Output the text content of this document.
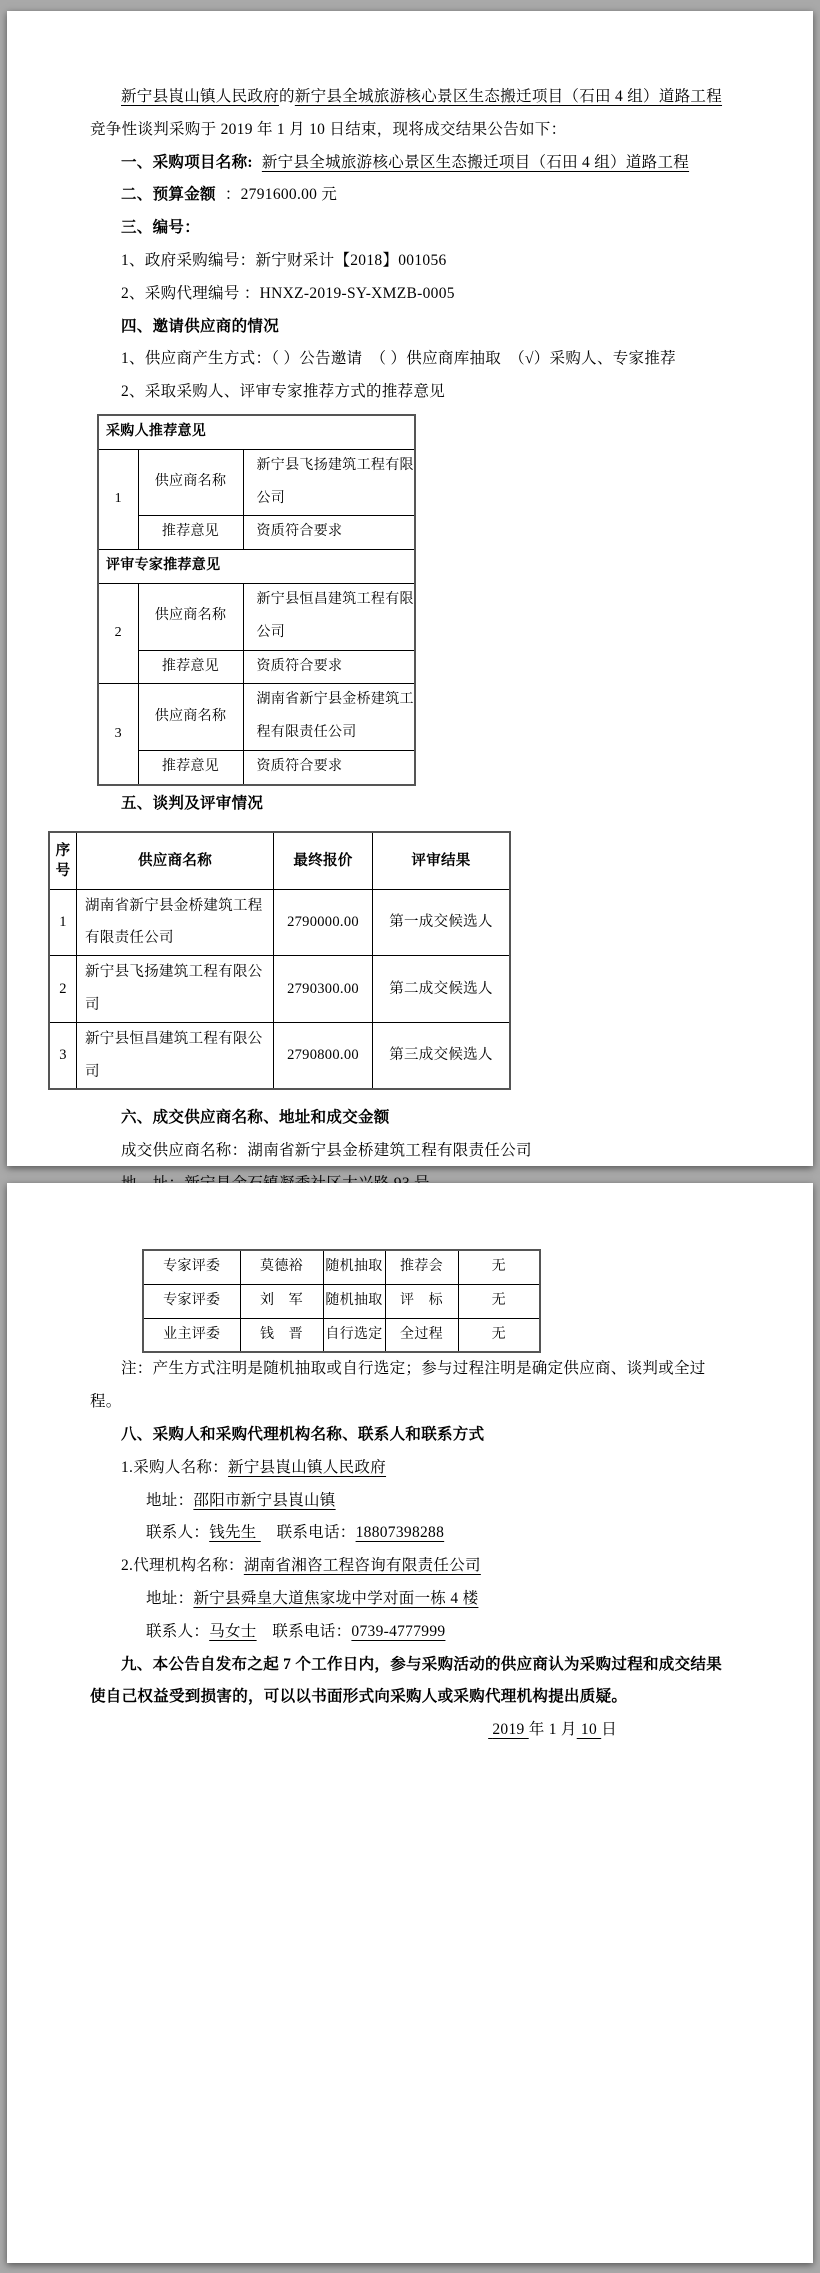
新宁县崀山镇人民政府的新宁县全城旅游核心景区生态搬迁项目（石田 4 组）道路工程竞争性谈判采购于 2019 年 1 月 10 日结束，现将成交结果公告如下：

一、采购项目名称: 新宁县全城旅游核心景区生态搬迁项目（石田 4 组）道路工程

二、预算金额 ：2791600.00 元

三、编号：

1、政府采购编号：新宁财采计【2018】001056

2、采购代理编号 ：HNXZ-2019-SY-XMZB-0005

四、邀请供应商的情况

1、供应商产生方式：（ ）公告邀请　（ ）供应商库抽取　（√）采购人、专家推荐

2、采取采购人、评审专家推荐方式的推荐意见

采购人推荐意见		
1	供应商名称	新宁县飞扬建筑工程有限公司
	推荐意见	资质符合要求
评审专家推荐意见		
2	供应商名称	新宁县恒昌建筑工程有限公司
	推荐意见	资质符合要求
3	供应商名称	湖南省新宁县金桥建筑工程有限责任公司
	推荐意见	资质符合要求

五、谈判及评审情况

序号	供应商名称	最终报价	评审结果
1	湖南省新宁县金桥建筑工程有限责任公司	2790000.00	第一成交候选人
2	新宁县飞扬建筑工程有限公司	2790300.00	第二成交候选人
3	新宁县恒昌建筑工程有限公司	2790800.00	第三成交候选人

六、成交供应商名称、地址和成交金额

成交供应商名称：湖南省新宁县金桥建筑工程有限责任公司

专家评委	莫德裕	随机抽取	推荐会	无
专家评委	刘　军	随机抽取	评　标	无
业主评委	钱　晋	自行选定	全过程	无

注：产生方式注明是随机抽取或自行选定；参与过程注明是确定供应商、谈判或全过程。

八、采购人和采购代理机构名称、联系人和联系方式

1.采购人名称：新宁县崀山镇人民政府

地址：邵阳市新宁县崀山镇

联系人：钱先生 　联系电话：18807398288

2.代理机构名称：湖南省湘咨工程咨询有限责任公司

地址：新宁县舜皇大道焦家垅中学对面一栋 4 楼

联系人：马女士　联系电话：0739-4777999

九、本公告自发布之起 7 个工作日内，参与采购活动的供应商认为采购过程和成交结果使自己权益受到损害的，可以以书面形式向采购人或采购代理机构提出质疑。

2019 年 1 月 10 日
